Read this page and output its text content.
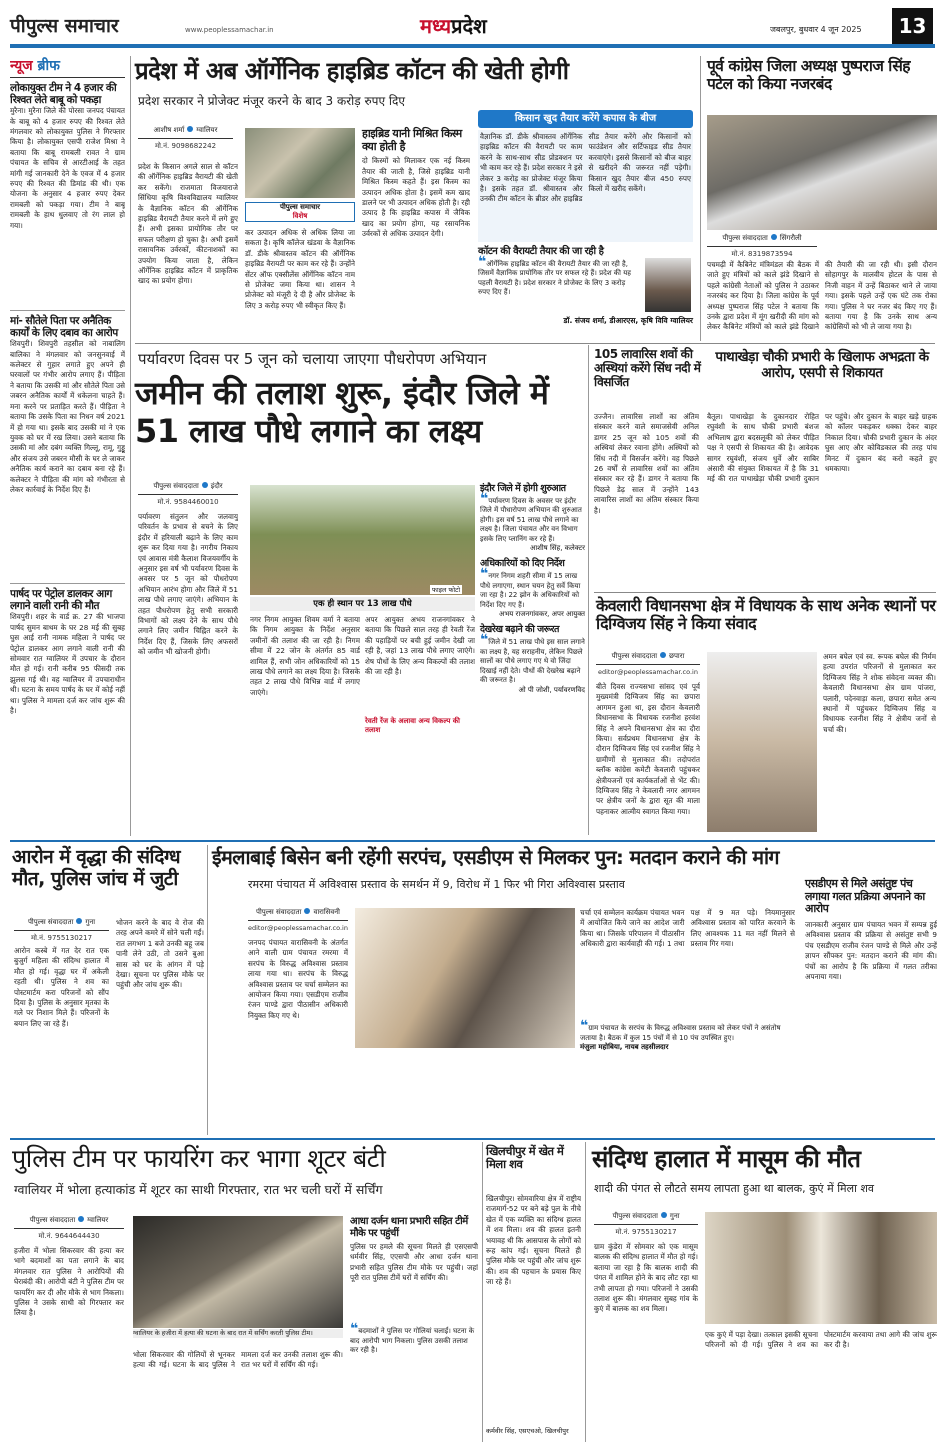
पीपुल्स समाचार	www.peoplessamachar.in	मध्यप्रदेश	जबलपुर, बुधवार 4 जून 2025	13
न्यूज ब्रीफ
लोकायुक्त टीम ने 4 हजार की रिश्वत लेते बाबू को पकड़ा
मुरैना। मुरैना जिले की पोरसा जनपद पंचायत के बाबू को 4 हजार रुपए की रिश्वत लेते मंगलवार को लोकायुक्त पुलिस ने गिरफ्तार किया है। लोकायुक्त एसपी राजेश मिश्रा ने बताया कि बाबू रामबली रावत ने ग्राम पंचायत के सचिव से आरटीआई के तहत मांगी गई जानकारी देने के एवज में 4 हजार रुपए की रिश्वत की डिमांड की थी। एक योजना के अनुसार 4 हजार रुपए देकर रामबली को पकड़ा गया। टीम ने बाबू रामबली के हाथ धुलवाए तो रंग लाल हो गया।
मां- सौतेले पिता पर अनैतिक कार्यों के लिए दबाव का आरोप
शिवपुरी। शिवपुरी तहसील को नाबालिग बालिका ने मंगलवार को जनसुनवाई में कलेक्टर से गुहार लगाते हुए अपने ही घरवालों पर गंभीर आरोप लगाए हैं। पीड़िता ने बताया कि उसकी मां और सौतेले पिता उसे जबरन अनैतिक कार्यों में धकेलना चाहते हैं। मना करने पर प्रताड़ित करते हैं। पीड़िता ने बताया कि उसके पिता का निधन वर्ष 2021 में हो गया था। इसके बाद उसकी मां ने एक युवक को घर में रख लिया। उसने बताया कि उसकी मां और दबंग व्यक्ति गिल्लू, रामू, गुड्डू और संजय उसे जबरन मौसी के घर ले जाकर अनैतिक कार्य कराने का दबाव बना रहे हैं। कलेक्टर ने पीड़िता की मांग को गंभीरता से लेकर कार्रवाई के निर्देश दिए हैं।
पार्षद पर पेट्रोल डालकर आग लगाने वाली रानी की मौत
शिवपुरी। शहर के वार्ड क्र. 27 की भाजपा पार्षद सुमन बाथम के घर 28 मई की सुबह घुस आई रानी नामक महिला ने पार्षद पर पेट्रोल डालकर आग लगाने वाली रानी की सोमवार रात ग्वालियर में उपचार के दौरान मौत हो गई। रानी करीब 95 फीसदी तक झुलस गई थी। वह ग्वालियर में उपचाराधीन थी। घटना के समय पार्षद के घर में कोई नहीं था। पुलिस ने मामला दर्ज कर जांच शुरू की है।
प्रदेश में अब ऑर्गेनिक हाइब्रिड कॉटन की खेती होगी
प्रदेश सरकार ने प्रोजेक्ट मंजूर करने के बाद 3 करोड़ रुपए दिए
आशीष शर्मा ग्वालियर
मो.नं. 9098682242
प्रदेश के किसान अगले साल से कॉटन की ऑर्गेनिक हाइब्रिड वैरायटी की खेती कर सकेंगे। राजमाता विजयाराजे सिंधिया कृषि विश्वविद्यालय ग्वालियर के वैज्ञानिक कॉटन की ऑर्गेनिक हाइब्रिड वैरायटी तैयार करने में लगे हुए हैं। अभी इसका प्रायोगिक तौर पर सफल परीक्षण हो चुका है। अभी इसमें रासायनिक उर्वरकों, कीटनाशकों का उपयोग किया जाता है, लेकिन ऑर्गेनिक हाइब्रिड कॉटन में प्राकृतिक खाद का प्रयोग होगा।
पीपुल्स समाचार
विशेष
कर उत्पादन अधिक से अधिक लिया जा सकता है। कृषि कॉलेज खंडवा के वैज्ञानिक डॉ. डीके श्रीवास्तव कॉटन की ऑर्गेनिक हाइब्रिड वैरायटी पर काम कर रहे हैं। उन्होंने सेंटर ऑफ एक्सीलेंस ऑर्गेनिक कॉटन नाम से प्रोजेक्ट जमा किया था। शासन ने प्रोजेक्ट को मंजूरी दे दी है और प्रोजेक्ट के लिए 3 करोड़ रुपए भी स्वीकृत किए हैं।
हाइब्रिड यानी मिश्रित किस्म क्या होती है
दो किस्मों को मिलाकर एक नई किस्म तैयार की जाती है, जिसे हाइब्रिड यानी मिश्रित किस्म कहते हैं। इस किस्म का उत्पादन अधिक होता है। इसमें कम खाद डालने पर भी उत्पादन अधिक होती है। रही उत्पाद है कि हाइब्रिड कपास में जैविक खाद का प्रयोग होगा, यह रसायनिक उर्वरकों से अधिक उत्पादन देगी।
किसान खुद तैयार करेंगे कपास के बीज
वैज्ञानिक डॉ. डीके श्रीवास्तव ऑर्गेनिक हाइब्रिड कॉटन की वैरायटी पर काम करने के साथ-साथ सीड प्रोडक्शन पर भी काम कर रहे हैं। प्रदेश सरकार ने इसे लेकर 3 करोड़ का प्रोजेक्ट मंजूर किया है। इसके तहत डॉ. श्रीवास्तव और उनकी टीम कॉटन के ब्रीडर और हाइब्रिड सीड तैयार करेंगे और किसानों को फाउंडेशन और सर्टिफाइड सीड तैयार करवाएंगे। इससे किसानों को बीज बाहर से खरीदने की जरूरत नहीं पड़ेगी। किसान खुद तैयार बीज 450 रुपए किलो में खरीद सकेंगे।
कॉटन की वैरायटी तैयार की जा रही है
❝ऑर्गेनिक हाइब्रिड कॉटन की वैरायटी तैयार की जा रही है, जिसमें वैज्ञानिक प्रायोगिक तौर पर सफल रहे हैं। प्रदेश की यह पहली वैरायटी है। प्रदेश सरकार ने प्रोजेक्ट के लिए 3 करोड़ रुपए दिए हैं।
डॉ. संजय शर्मा, डीआरएस, कृषि विवि ग्वालियर
पूर्व कांग्रेस जिला अध्यक्ष पुष्पराज सिंह पटेल को किया नजरबंद
पीपुल्स संवाददाता सिंगरौली
मो.नं. 8319873594
पचमढ़ी में कैबिनेट मंत्रिमंडल की बैठक में जाते हुए मंत्रियों को काले झंडे दिखाने से पहले कांग्रेसी नेताओं को पुलिस ने उठाकर नजरबंद कर दिया है। जिला कांग्रेस के पूर्व अध्यक्ष पुष्पराज सिंह पटेल ने बताया कि उनके द्वारा प्रदेश में मूंग खरीदी की मांग को लेकर कैबिनेट मंत्रियों को काले झंडे दिखाने की तैयारी की जा रही थी। इसी दौरान सोहागपुर के मालवीय होटल के पास से निजी वाहन में उन्हें बिठाकर थाने ले जाया गया। इसके पहले उन्हें एक घंटे तक रोका गया। पुलिस ने घर नजर बंद किए गए हैं। बताया गया है कि उनके साथ अन्य कांग्रेसियों को भी ले जाया गया है।
पर्यावरण दिवस पर 5 जून को चलाया जाएगा पौधरोपण अभियान
जमीन की तलाश शुरू, इंदौर जिले में 51 लाख पौधे लगाने का लक्ष्य
पीपुल्स संवाददाता इंदौर
मो.नं. 9584460010
पर्यावरण संतुलन और जलवायु परिवर्तन के प्रभाव से बचने के लिए इंदौर में हरियाली बढ़ाने के लिए काम शुरू कर दिया गया है। नगरीय निकाय एवं आवास मंत्री कैलाश विजयवर्गीय के अनुसार इस वर्ष भी पर्यावरण दिवस के अवसर पर 5 जून को पौधरोपण अभियान आरंभ होगा और जिले में 51 लाख पौधे लगाए जाएंगे। अभियान के तहत पौधरोपण हेतु सभी सरकारी विभागों को लक्ष्य देने के साथ पौधे लगाने लिए जमीन चिह्नित करने के निर्देश दिए हैं, जिसके लिए अफसरों को जमीन भी खोजनी होगी।
फाइल फोटो
एक ही स्थान पर 13 लाख पौधे
नगर निगम आयुक्त शिवम वर्मा ने बताया कि निगम आयुक्त के निर्देश अनुसार जमीनों की तलाश की जा रही है। निगम सीमा में 22 जोन के अंतर्गत 85 वार्ड शामिल हैं, सभी जोन अधिकारियों को 15 लाख पौधे लगाने का लक्ष्य दिया है। जिसके तहत 2 लाख पौधे विभिन्न वार्ड में लगाए जाएंगे।
अपर आयुक्त अभय राजनगांवकर ने बताया कि पिछले साल तरह ही रेवती रेंज की पहाड़ियों पर बची हुई जमीन देखी जा रही है, जहां 13 लाख पौधे लगाए जाएंगे। शेष पौधों के लिए अन्य विकल्पों की तलाश की जा रही है।
रेवती रेंज के अलावा अन्य विकल्प की तलाश
इंदौर जिले में होगी शुरुआत
❝पर्यावरण दिवस के अवसर पर इंदौर जिले में पौधारोपण अभियान की शुरुआत होगी। इस वर्ष 51 लाख पौधे लगाने का लक्ष्य है। जिला पंचायत और वन विभाग इसके लिए प्लानिंग कर रहे हैं।
आशीष सिंह, कलेक्टर
अधिकारियों को दिए निर्देश
❝नगर निगम शहरी सीमा में 15 लाख पौधे लगाएगा, स्थान चयन हेतु सर्वे किया जा रहा है। 22 झोन के अधिकारियों को निर्देश दिए गए हैं।
अभय राजनगांवकर, अपर आयुक्त
देखरेख बढ़ाने की जरूरत
❝जिले में 51 लाख पौधे इस साल लगाने का लक्ष्य है, यह सराहनीय, लेकिन पिछले सालों का पौधे लगाए गए थे वो जिंदा दिखाई नहीं देते। पौधों की देखरेख बढ़ाने की जरूरत है।
ओ पी जोशी, पर्यावरणविद
105 लावारिस शवों की अस्थियां करेंगे सिंध नदी में विसर्जित
उज्जैन। लावारिस लाशों का अंतिम संस्कार करने वाले समाजसेवी अनिल डागर 25 जून को 105 शवों की अस्थियां लेकर रवाना होंगे। अस्थियों को सिंध नदी में विसर्जन करेंगे। वह पिछले 26 वर्षों से लावारिस शवों का अंतिम संस्कार कर रहे हैं। डागर ने बताया कि पिछले डेढ़ साल में उन्होंने 143 लावारिस लाशों का अंतिम संस्कार किया है।
पाथाखेड़ा चौकी प्रभारी के खिलाफ अभद्रता के आरोप, एसपी से शिकायत
बैतूल। पाथाखेड़ा के दुकानदार रोहित रघुवंशी के साथ चौकी प्रभारी बंशज अभिलाष द्वारा बदसलूकी को लेकर पीड़ित पक्ष ने एसपी से शिकायत की है। आवेदक सागर रघुवंशी, संजय धुर्वे और साबिर अंसारी की संयुक्त शिकायत में है कि 31 मई की रात पाथाखेड़ा चौकी प्रभारी दुकान पर पहुंचे। और दुकान के बाहर खड़े ग्राहक को कॉलर पकड़कर धक्का देकर बाहर निकाल दिया। चौकी प्रभारी दुकान के अंदर घुस आए और कोविडकाल की तरह पांच मिनट में दुकान बंद करो कहते हुए धमकाया।
केवलारी विधानसभा क्षेत्र में विधायक के साथ अनेक स्थानों पर दिग्विजय सिंह ने किया संवाद
पीपुल्स संवाददाता छपारा
editor@peoplessamachar.co.in
बीते दिवस राज्यसभा सांसद एवं पूर्व मुख्यमंत्री दिग्विजय सिंह का छपारा आगमन हुआ था, इस दौरान केवलारी विधानसभा के विधायक रजनीश हरवंश सिंह ने अपने विधानसभा क्षेत्र का दौरा किया। सर्वप्रथम विधानसभा क्षेत्र के दौरान दिग्विजय सिंह एवं रजनीश सिंह ने ग्रामीणों से मुलाकात की। तदोपरांत ब्लॉक कांग्रेस कमेटी केवलारी पहुंचकर क्षेत्रीयजनों एवं कार्यकर्ताओं से भेंट की। दिग्विजय सिंह ने केवलारी नगर आगमन पर क्षेत्रीय जनों के द्वारा सूत की माला पहनाकर आत्मीय स्वागत किया गया।
अमन बघेल एवं स्व. रूपक बघेल की निर्मम हत्या उपरांत परिजनों से मुलाकात कर दिग्विजय सिंह ने शोक संवेदना व्यक्त की। केवलारी विधानसभा क्षेत्र ग्राम पांजरा, पलारी, पदेनवाड़ा कला, छपारा समेत अन्य स्थानों में पहुंचकर दिग्विजय सिंह व विधायक रजनीश सिंह ने क्षेत्रीय जनों से चर्चा की।
आरोन में वृद्धा की संदिग्ध मौत, पुलिस जांच में जुटी
पीपुल्स संवाददाता गुना
मो.नं. 9755130217
आरोन कस्बे में गत देर रात एक बुजुर्ग महिला की संदिग्ध हालात में मौत हो गई। वृद्धा घर में अकेली रहती थी। पुलिस ने शव का पोस्टमार्टम करा परिजनों को सौंप दिया है। पुलिस के अनुसार मृतका के गले पर निशान मिले हैं। परिजनों के बयान लिए जा रहे हैं।
भोजन करने के बाद वे रोज की तरह अपने कमरे में सोने चली गईं। रात लगभग 1 बजे उनकी बहू जब पानी लेने उठी, तो उसने बुआ सास को घर के आंगन में पड़े देखा। सूचना पर पुलिस मौके पर पहुंची और जांच शुरू की।
ईमलाबाई बिसेन बनी रहेंगी सरपंच, एसडीएम से मिलकर पुन: मतदान कराने की मांग
रमरमा पंचायत में अविश्वास प्रस्ताव के समर्थन में 9, विरोध में 1 फिर भी गिरा अविश्वास प्रस्ताव
पीपुल्स संवाददाता वारासिवनी
editor@peoplessamachar.co.in
जनपद पंचायत वारासिवनी के अंतर्गत आने वाली ग्राम पंचायत रमरमा में सरपंच के विरुद्ध अविश्वास प्रस्ताव लाया गया था। सरपंच के विरुद्ध अविश्वास प्रस्ताव पर चर्चा सम्मेलन का आयोजन किया गया। एसडीएम राजीव रंजन पाण्डे द्वारा पीठासीन अधिकारी नियुक्त किए गए थे।
चर्चा एवं सम्मेलन कार्यक्रम पंचायत भवन में आयोजित किये जाने का आदेश जारी किया था। जिसके परिपालन में पीठासीन अधिकारी द्वारा कार्यवाही की गई। 1 तथा पक्ष में 9 मत पड़े। नियमानुसार अविश्वास प्रस्ताव को पारित करवाने के लिए आवश्यक 11 मत नहीं मिलने से प्रस्ताव गिर गया।
❝ग्राम पंचायत के सरपंच के विरुद्ध अविश्वास प्रस्ताव को लेकर पंचों ने असंतोष जताया है। बैठक में कुल 15 पंचों में से 10 पंच उपस्थित हुए।
मंजुला महोबिया, नायब तहसीलदार
एसडीएम से मिले असंतुष्ट पंच लगाया गलत प्रक्रिया अपनाने का आरोप
जानकारी अनुसार ग्राम पंचायत भवन में सम्पन्न हुई अविश्वास प्रस्ताव की प्रक्रिया से असंतुष्ट सभी 9 पंच एसडीएम राजीव रंजन पाण्डे से मिले और उन्हें ज्ञापन सौंपकर पुन: मतदान कराने की मांग की। पंचों का आरोप है कि प्रक्रिया में गलत तरीका अपनाया गया।
पुलिस टीम पर फायरिंग कर भागा शूटर बंटी
ग्वालियर में भोला हत्याकांड में शूटर का साथी गिरफ्तार, रात भर चली घरों में सर्चिंग
पीपुल्स संवाददाता ग्वालियर
मो.नं. 9644644430
हजीरा में भोला सिकरवार की हत्या कर भागे बदमाशों का पता लगाने के बाद मंगलवार रात पुलिस ने आरोपियों की घेराबंदी की। आरोपी बंटी ने पुलिस टीम पर फायरिंग कर दी और मौके से भाग निकला। पुलिस ने उसके साथी को गिरफ्तार कर लिया है।
ग्वालियर के हजीरा में हत्या की घटना के बाद रात में सर्चिंग करती पुलिस टीम।
भोला सिकरवार की गोलियों से भूनकर हत्या की गई। घटना के बाद पुलिस ने मामला दर्ज कर उनकी तलाश शुरू की। रात भर घरों में सर्चिंग की गई।
आधा दर्जन थाना प्रभारी सहित टीमें मौके पर पहुंचीं
पुलिस पर हमले की सूचना मिलते ही एसएसपी धर्मवीर सिंह, एएसपी और आधा दर्जन थाना प्रभारी सहित पुलिस टीम मौके पर पहुंची। जहां पूरी रात पुलिस टीमें घरों में सर्चिंग की।
❝बदमाशों ने पुलिस पर गोलियां चलाईं। घटना के बाद आरोपी भाग निकला। पुलिस उसकी तलाश कर रही है।
खिलचीपुर में खेत में मिला शव
खिलचीपुर। सोमवारिया क्षेत्र में राष्ट्रीय राजमार्ग-52 पर बने बड़े पुल के नीचे खेत में एक व्यक्ति का संदिग्ध हालत में शव मिला। शव की हालत इतनी भयावह थी कि आसपास के लोगों को रूह कांप गई। सूचना मिलते ही पुलिस मौके पर पहुंची और जांच शुरू की। शव की पहचान के प्रयास किए जा रहे हैं।
कर्मवीर सिंह, एसएचओ, खिलचीपुर
संदिग्ध हालात में मासूम की मौत
शादी की पंगत से लौटते समय लापता हुआ था बालक, कुएं में मिला शव
पीपुल्स संवाददाता गुना
मो.नं. 9755130217
ग्राम कुंडेरा में सोमवार को एक मासूम बालक की संदिग्ध हालात में मौत हो गई। बताया जा रहा है कि बालक शादी की पंगत में शामिल होने के बाद लौट रहा था तभी लापता हो गया। परिजनों ने उसकी तलाश शुरू की। मंगलवार सुबह गांव के कुएं में बालक का शव मिला।
एक कुएं में पड़ा देखा। तत्काल इसकी सूचना परिजनों को दी गई। पुलिस ने शव का पोस्टमार्टम करवाया तथा आगे की जांच शुरू कर दी है।
